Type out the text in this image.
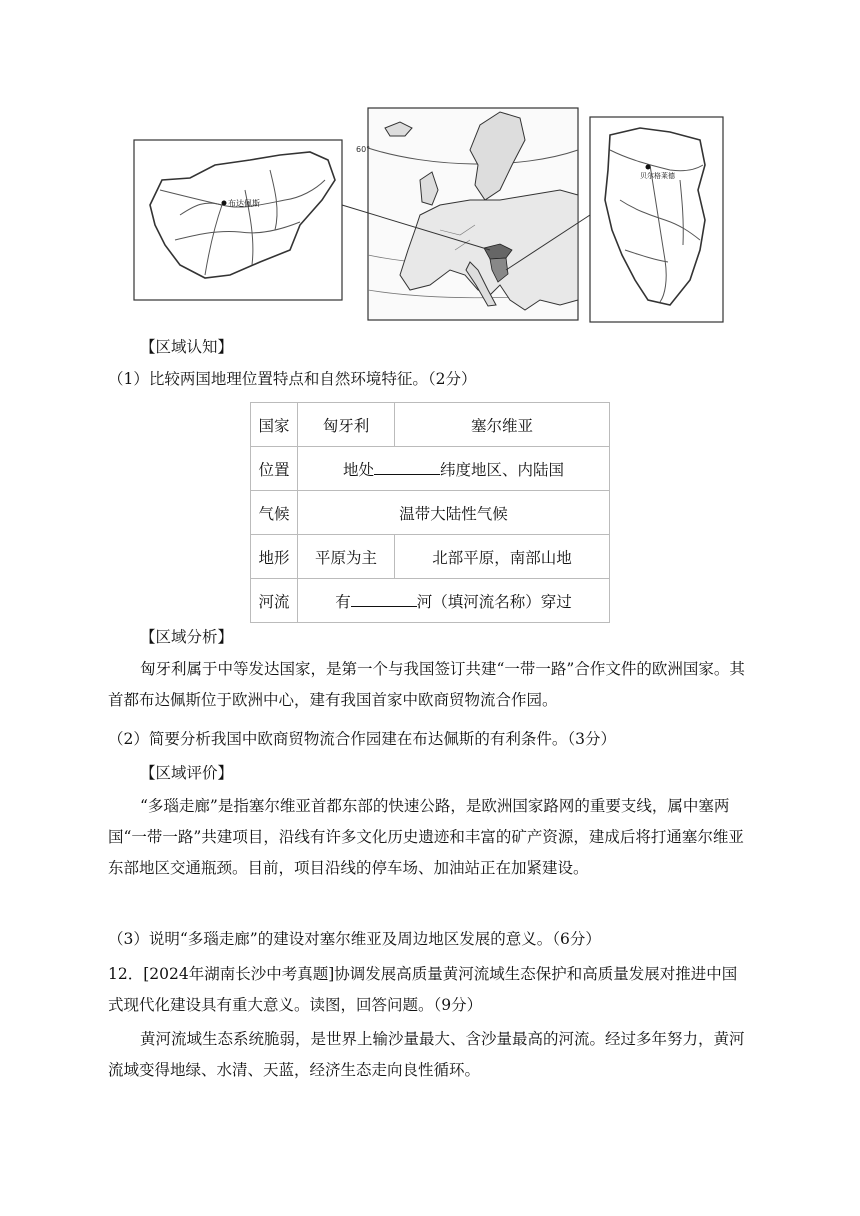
布达佩斯
60°
贝尔格莱德
【区域认知】
（1）比较两国地理位置特点和自然环境特征。（2分）
国家	匈牙利	塞尔维亚
位置	地处 纬度地区、内陆国	
气候	温带大陆性气候	
地形	平原为主	北部平原，南部山地
河流	有 河（填河流名称）穿过	
【区域分析】
匈牙利属于中等发达国家，是第一个与我国签订共建“一带一路”合作文件的欧洲国家。其首都布达佩斯位于欧洲中心，建有我国首家中欧商贸物流合作园。
（2）简要分析我国中欧商贸物流合作园建在布达佩斯的有利条件。（3分）
【区域评价】
“多瑙走廊”是指塞尔维亚首都东部的快速公路，是欧洲国家路网的重要支线，属中塞两国“一带一路”共建项目，沿线有许多文化历史遗迹和丰富的矿产资源，建成后将打通塞尔维亚东部地区交通瓶颈。目前，项目沿线的停车场、加油站正在加紧建设。
（3）说明“多瑙走廊”的建设对塞尔维亚及周边地区发展的意义。（6分）
12．[2024年湖南长沙中考真题]协调发展高质量黄河流域生态保护和高质量发展对推进中国式现代化建设具有重大意义。读图，回答问题。（9分）
黄河流域生态系统脆弱，是世界上输沙量最大、含沙量最高的河流。经过多年努力，黄河流域变得地绿、水清、天蓝，经济生态走向良性循环。
